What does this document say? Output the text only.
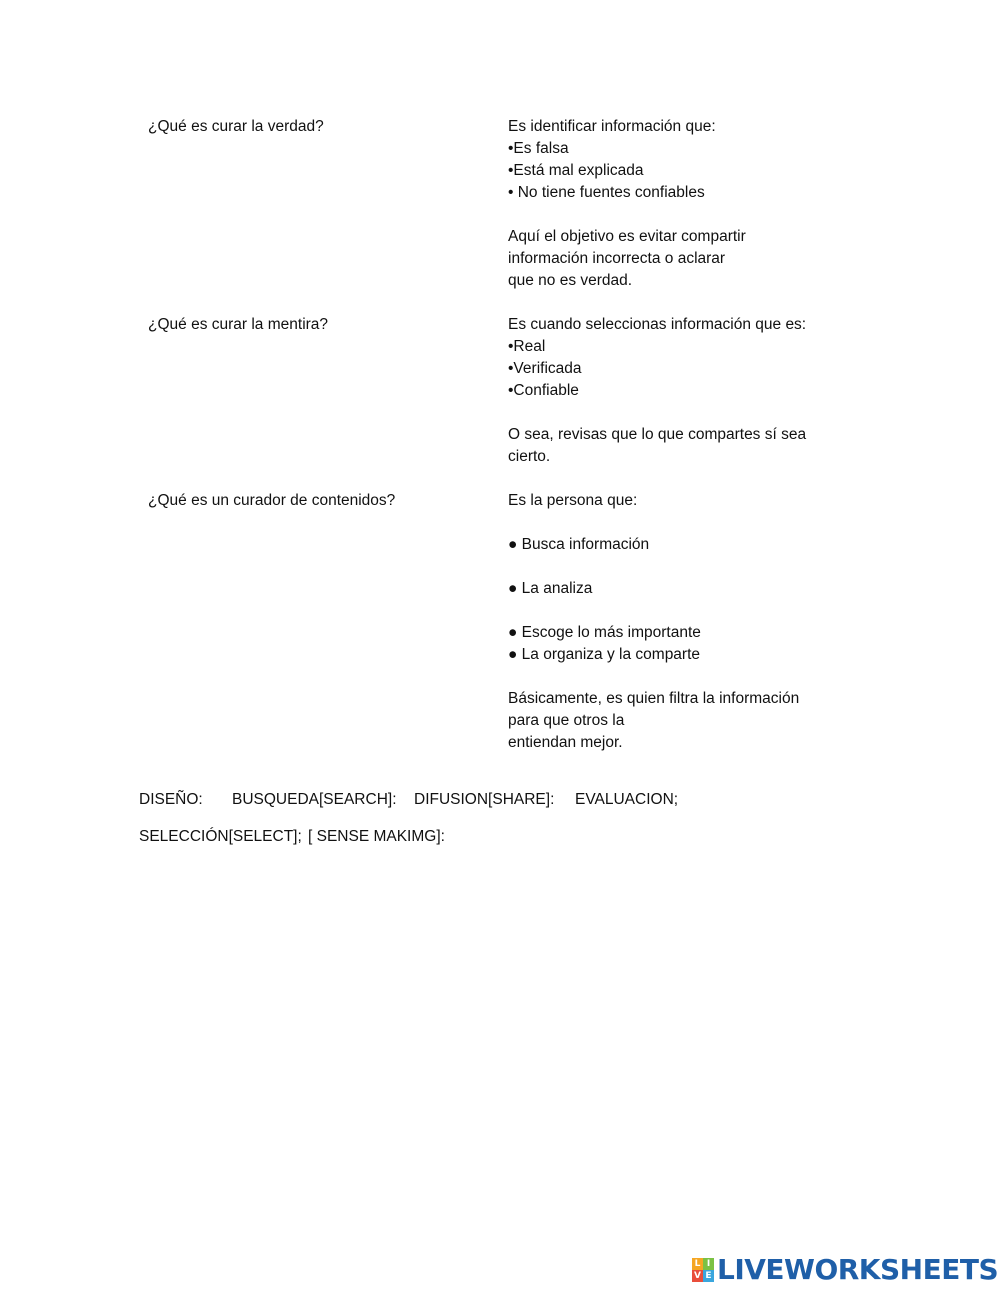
¿Qué es curar la verdad?	Es identificar información que:
•Es falsa
•Está mal explicada
• No tiene fuentes confiables
Aquí el objetivo es evitar compartir
información incorrecta o aclarar
que no es verdad.
¿Qué es curar la mentira?	Es cuando seleccionas información que es:
•Real
•Verificada
•Confiable
O sea, revisas que lo que compartes sí sea
cierto.
¿Qué es un curador de contenidos?	Es la persona que:
● Busca información
● La analiza
● Escoge lo más importante
● La organiza y la comparte
Básicamente, es quien filtra la información
para que otros la
entiendan mejor.
DISEÑO: BUSQUEDA[SEARCH]: DIFUSION[SHARE]: EVALUACION;
SELECCIÓN[SELECT]; [ SENSE MAKIMG]:
L I
V E LIVEWORKSHEETS
